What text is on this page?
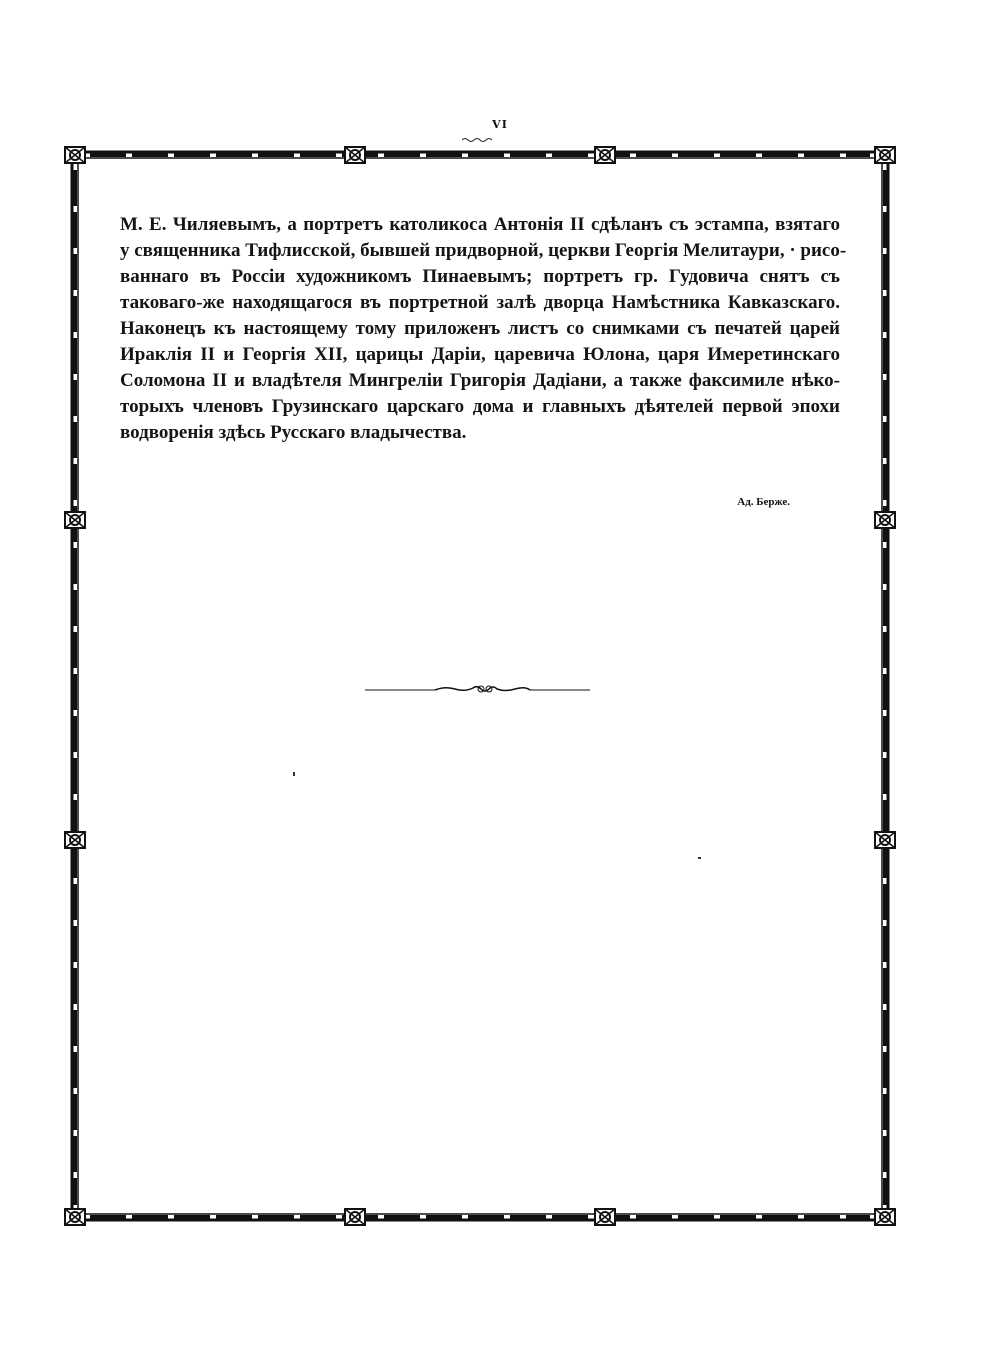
VI
М. Е. Чиляевымъ, а портретъ католикоса Антонія II сдѣланъ съ эстампа, взятаго
у священника Тифлисской, бывшей придворной, церкви Георгія Мелитаури, · рисо-
ваннаго въ Россіи художникомъ Пинаевымъ; портретъ гр. Гудовича снятъ съ
таковаго-же находящагося въ портретной залѣ дворца Намѣстника Кавказскаго.
Наконецъ къ настоящему тому приложенъ листъ со снимками съ печатей царей
Ираклія II и Георгія XII, царицы Даріи, царевича Юлона, царя Имеретинскаго
Соломона II и владѣтеля Мингреліи Григорія Дадіани, а также факсимиле нѣко-
торыхъ членовъ Грузинскаго царскаго дома и главныхъ дѣятелей первой эпохи
водворенія здѣсь Русскаго владычества.
Ад. Берже.
